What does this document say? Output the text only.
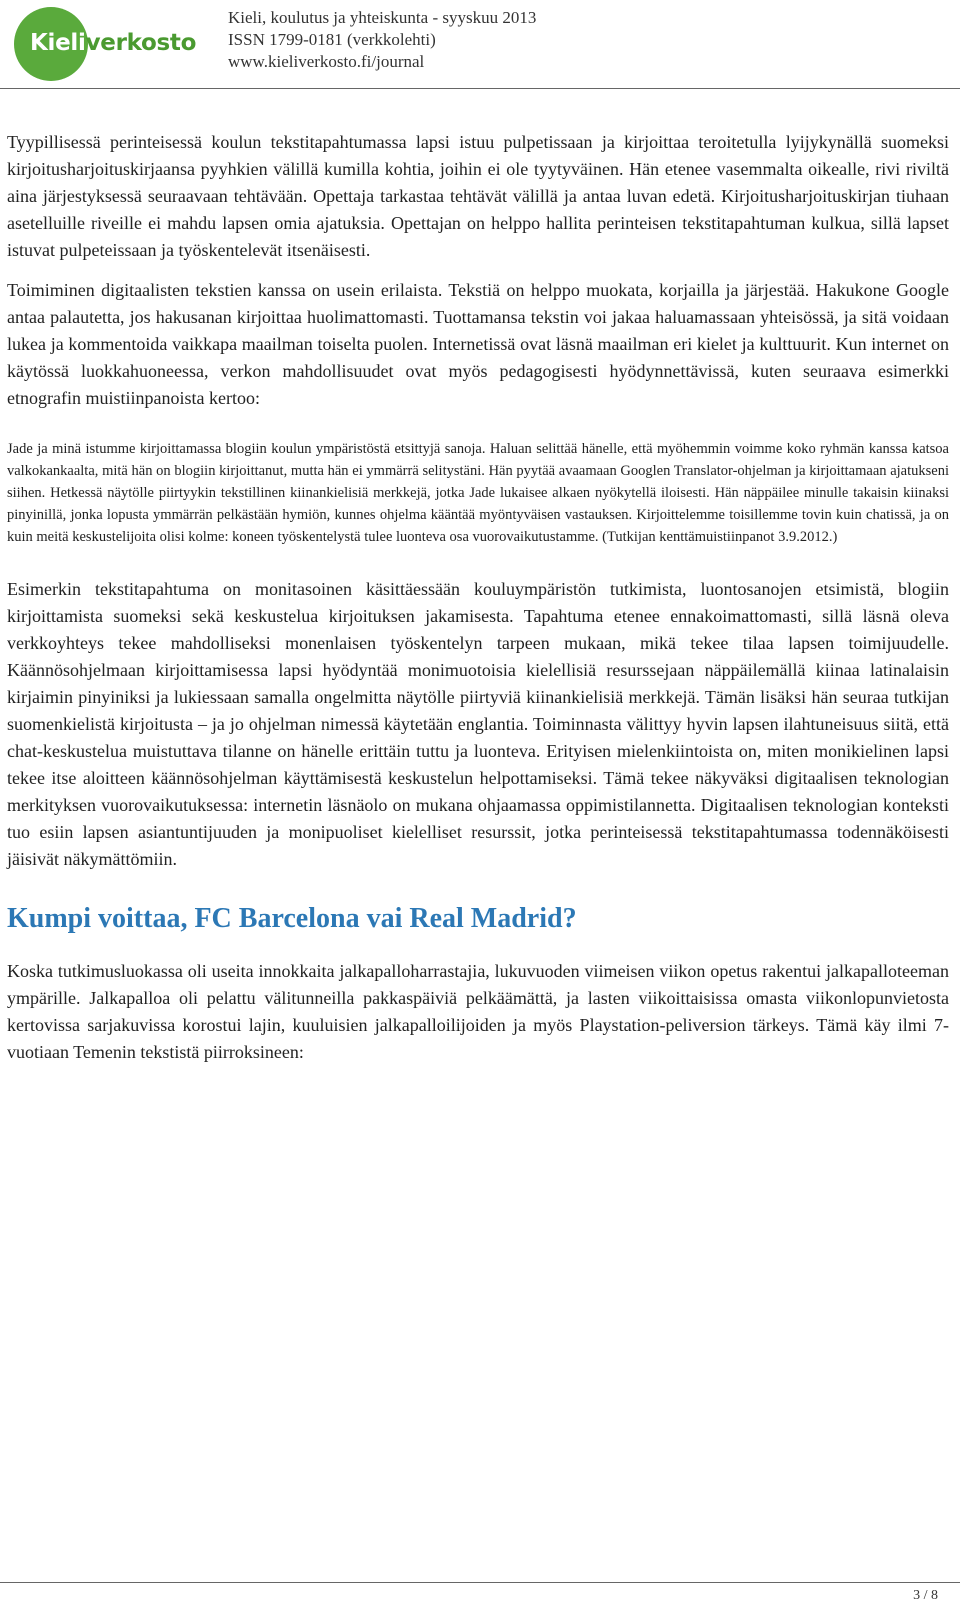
Kieliverkosto
Kieli, koulutus ja yhteiskunta - syyskuu 2013
ISSN 1799-0181 (verkkolehti)
www.kieliverkosto.fi/journal

Tyypillisessä perinteisessä koulun tekstitapahtumassa lapsi istuu pulpetissaan ja kirjoittaa teroitetulla lyijykynällä suomeksi kirjoitusharjoituskirjaansa pyyhkien välillä kumilla kohtia, joihin ei ole tyytyväinen. Hän etenee vasemmalta oikealle, rivi riviltä aina järjestyksessä seuraavaan tehtävään. Opettaja tarkastaa tehtävät välillä ja antaa luvan edetä. Kirjoitusharjoituskirjan tiuhaan asetelluille riveille ei mahdu lapsen omia ajatuksia. Opettajan on helppo hallita perinteisen tekstitapahtuman kulkua, sillä lapset istuvat pulpeteissaan ja työskentelevät itsenäisesti.

Toimiminen digitaalisten tekstien kanssa on usein erilaista. Tekstiä on helppo muokata, korjailla ja järjestää. Hakukone Google antaa palautetta, jos hakusanan kirjoittaa huolimattomasti. Tuottamansa tekstin voi jakaa haluamassaan yhteisössä, ja sitä voidaan lukea ja kommentoida vaikkapa maailman toiselta puolen. Internetissä ovat läsnä maailman eri kielet ja kulttuurit. Kun internet on käytössä luokkahuoneessa, verkon mahdollisuudet ovat myös pedagogisesti hyödynnettävissä, kuten seuraava esimerkki etnografin muistiinpanoista kertoo:

Jade ja minä istumme kirjoittamassa blogiin koulun ympäristöstä etsittyjä sanoja. Haluan selittää hänelle, että myöhemmin voimme koko ryhmän kanssa katsoa valkokankaalta, mitä hän on blogiin kirjoittanut, mutta hän ei ymmärrä selitystäni. Hän pyytää avaamaan Googlen Translator-ohjelman ja kirjoittamaan ajatukseni siihen. Hetkessä näytölle piirtyykin tekstillinen kiinankielisiä merkkejä, jotka Jade lukaisee alkaen nyökytellä iloisesti. Hän näppäilee minulle takaisin kiinaksi pinyinillä, jonka lopusta ymmärrän pelkästään hymiön, kunnes ohjelma kääntää myöntyväisen vastauksen. Kirjoittelemme toisillemme tovin kuin chatissä, ja on kuin meitä keskustelijoita olisi kolme: koneen työskentelystä tulee luonteva osa vuorovaikutustamme. (Tutkijan kenttämuistiinpanot 3.9.2012.)

Esimerkin tekstitapahtuma on monitasoinen käsittäessään kouluympäristön tutkimista, luontosanojen etsimistä, blogiin kirjoittamista suomeksi sekä keskustelua kirjoituksen jakamisesta. Tapahtuma etenee ennakoimattomasti, sillä läsnä oleva verkkoyhteys tekee mahdolliseksi monenlaisen työskentelyn tarpeen mukaan, mikä tekee tilaa lapsen toimijuudelle. Käännösohjelmaan kirjoittamisessa lapsi hyödyntää monimuotoisia kielellisiä resurssejaan näppäilemällä kiinaa latinalaisin kirjaimin pinyiniksi ja lukiessaan samalla ongelmitta näytölle piirtyviä kiinankielisiä merkkejä. Tämän lisäksi hän seuraa tutkijan suomenkielistä kirjoitusta – ja jo ohjelman nimessä käytetään englantia. Toiminnasta välittyy hyvin lapsen ilahtuneisuus siitä, että chat-keskustelua muistuttava tilanne on hänelle erittäin tuttu ja luonteva. Erityisen mielenkiintoista on, miten monikielinen lapsi tekee itse aloitteen käännösohjelman käyttämisestä keskustelun helpottamiseksi. Tämä tekee näkyväksi digitaalisen teknologian merkityksen vuorovaikutuksessa: internetin läsnäolo on mukana ohjaamassa oppimistilannetta. Digitaalisen teknologian konteksti tuo esiin lapsen asiantuntijuuden ja monipuoliset kielelliset resurssit, jotka perinteisessä tekstitapahtumassa todennäköisesti jäisivät näkymättömiin.

Kumpi voittaa, FC Barcelona vai Real Madrid?

Koska tutkimusluokassa oli useita innokkaita jalkapalloharrastajia, lukuvuoden viimeisen viikon opetus rakentui jalkapalloteeman ympärille. Jalkapalloa oli pelattu välitunneilla pakkaspäiviä pelkäämättä, ja lasten viikoittaisissa omasta viikonlopunvietosta kertovissa sarjakuvissa korostui lajin, kuuluisien jalkapalloilijoiden ja myös Playstation-peliversion tärkeys. Tämä käy ilmi 7-vuotiaan Temenin tekstistä piirroksineen:

3 / 8
